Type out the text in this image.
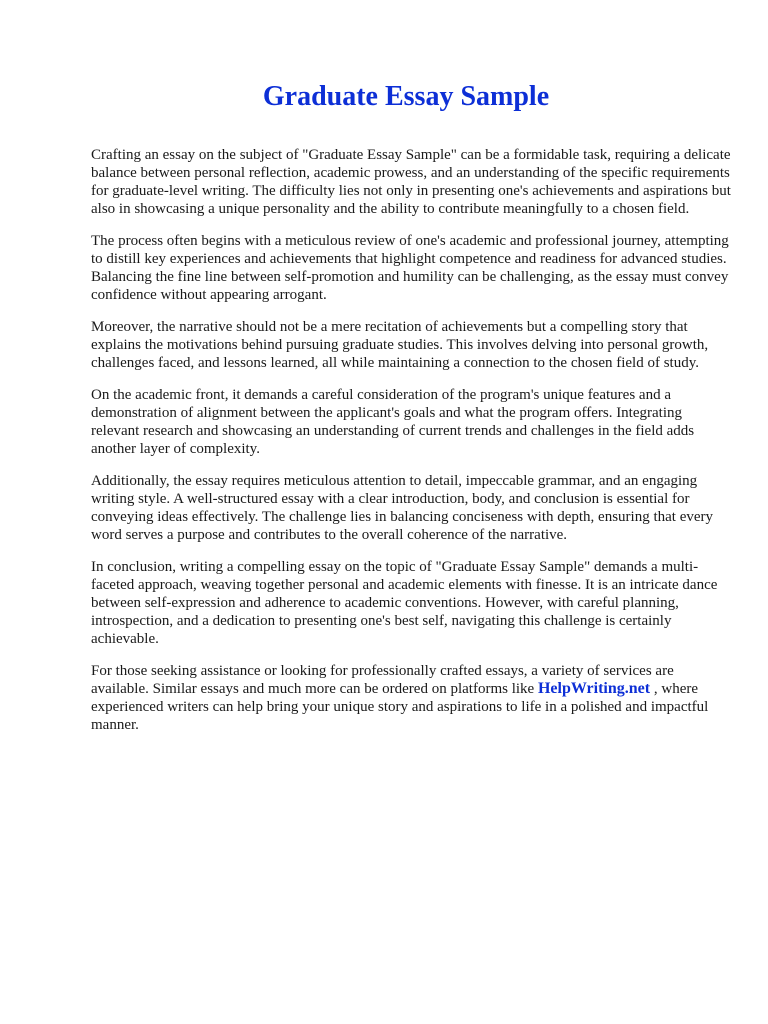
Graduate Essay Sample

Crafting an essay on the subject of "Graduate Essay Sample" can be a formidable task, requiring a delicate balance between personal reflection, academic prowess, and an understanding of the specific requirements for graduate-level writing. The difficulty lies not only in presenting one's achievements and aspirations but also in showcasing a unique personality and the ability to contribute meaningfully to a chosen field.

The process often begins with a meticulous review of one's academic and professional journey, attempting to distill key experiences and achievements that highlight competence and readiness for advanced studies. Balancing the fine line between self-promotion and humility can be challenging, as the essay must convey confidence without appearing arrogant.

Moreover, the narrative should not be a mere recitation of achievements but a compelling story that explains the motivations behind pursuing graduate studies. This involves delving into personal growth, challenges faced, and lessons learned, all while maintaining a connection to the chosen field of study.

On the academic front, it demands a careful consideration of the program's unique features and a demonstration of alignment between the applicant's goals and what the program offers. Integrating relevant research and showcasing an understanding of current trends and challenges in the field adds another layer of complexity.

Additionally, the essay requires meticulous attention to detail, impeccable grammar, and an engaging writing style. A well-structured essay with a clear introduction, body, and conclusion is essential for conveying ideas effectively. The challenge lies in balancing conciseness with depth, ensuring that every word serves a purpose and contributes to the overall coherence of the narrative.

In conclusion, writing a compelling essay on the topic of "Graduate Essay Sample" demands a multi-faceted approach, weaving together personal and academic elements with finesse. It is an intricate dance between self-expression and adherence to academic conventions. However, with careful planning, introspection, and a dedication to presenting one's best self, navigating this challenge is certainly achievable.

For those seeking assistance or looking for professionally crafted essays, a variety of services are available. Similar essays and much more can be ordered on platforms like HelpWriting.net , where experienced writers can help bring your unique story and aspirations to life in a polished and impactful manner.
